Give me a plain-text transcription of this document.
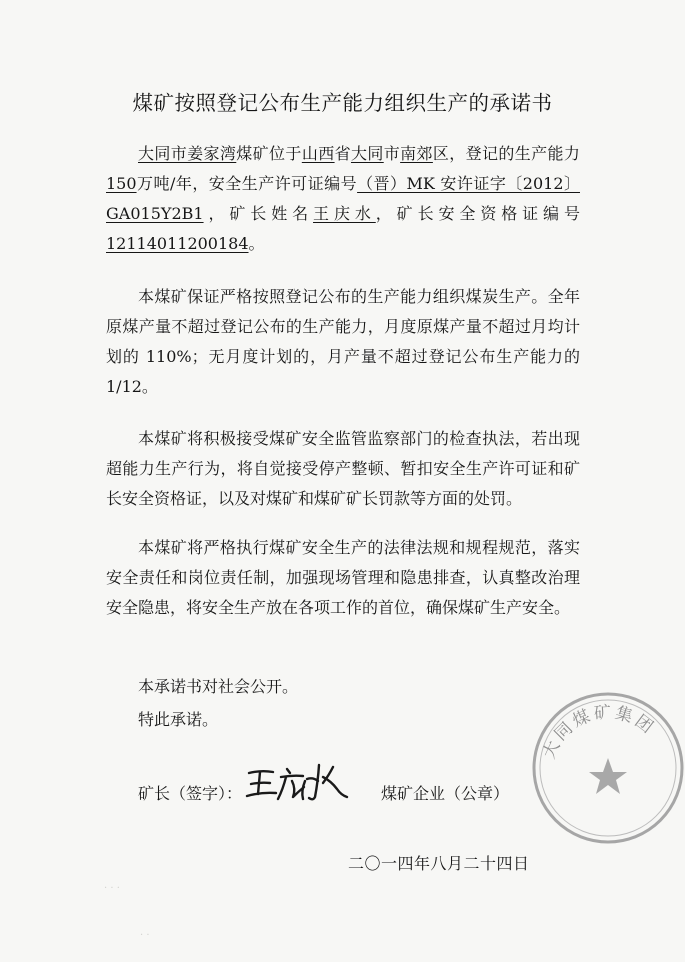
煤矿按照登记公布生产能力组织生产的承诺书

大同市姜家湾煤矿位于山西省大同市南郊区，登记的生产能力150万吨/年，安全生产许可证编号（晋）MK 安许证字〔2012〕GA015Y2B1，矿长姓名王庆水，矿长安全资格证编号12114011200184。

本煤矿保证严格按照登记公布的生产能力组织煤炭生产。全年原煤产量不超过登记公布的生产能力，月度原煤产量不超过月均计划的 110%；无月度计划的，月产量不超过登记公布生产能力的 1/12。

本煤矿将积极接受煤矿安全监管监察部门的检查执法，若出现超能力生产行为，将自觉接受停产整顿、暂扣安全生产许可证和矿长安全资格证，以及对煤矿和煤矿矿长罚款等方面的处罚。

本煤矿将严格执行煤矿安全生产的法律法规和规程规范，落实安全责任和岗位责任制，加强现场管理和隐患排查，认真整改治理安全隐患，将安全生产放在各项工作的首位，确保煤矿生产安全。

本承诺书对社会公开。

特此承诺。

矿长（签字）：	煤矿企业（公章）
大同煤矿集团
二〇一四年八月二十四日
· · ·
· ·
